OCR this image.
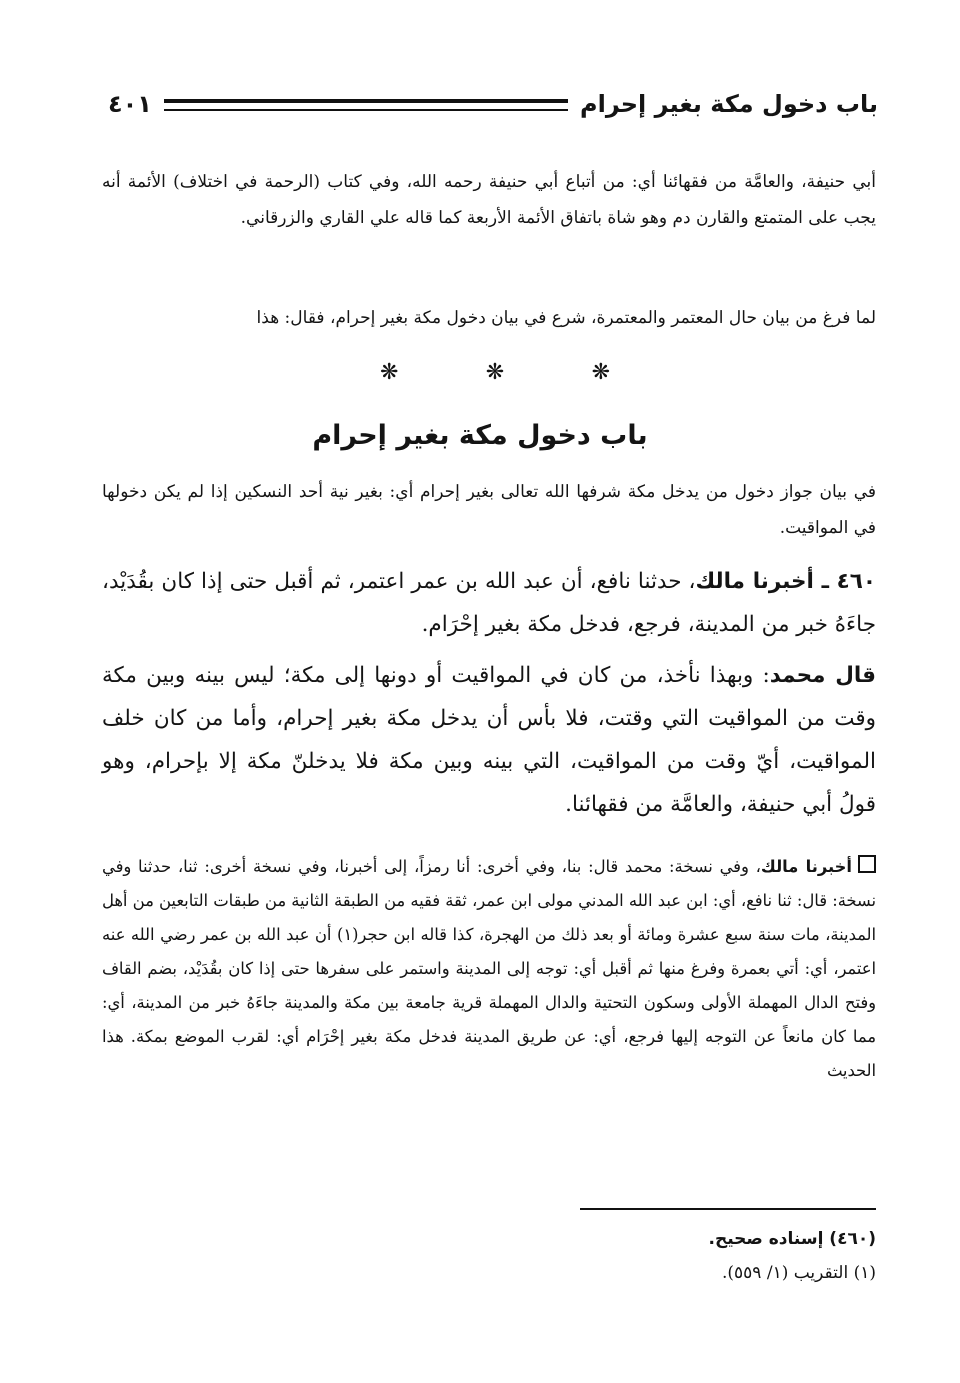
باب دخول مكة بغير إحرام
٤٠١
أبي حنيفة، والعامَّة من فقهائنا أي: من أتباع أبي حنيفة رحمه الله، وفي كتاب (الرحمة في اختلاف) الأئمة أنه يجب على المتمتع والقارن دم وهو شاة باتفاق الأئمة الأربعة كما قاله علي القاري والزرقاني.
لما فرغ من بيان حال المعتمر والمعتمرة، شرع في بيان دخول مكة بغير إحرام، فقال: هذا
❋
❋
❋
باب دخول مكة بغير إحرام
في بيان جواز دخول من يدخل مكة شرفها الله تعالى بغير إحرام أي: بغير نية أحد النسكين إذا لم يكن دخولها في المواقيت.
٤٦٠ ـ أخبرنا مالك، حدثنا نافع، أن عبد الله بن عمر اعتمر، ثم أقبل حتى إذا كان بقُدَيْد، جاءَهُ خبر من المدينة، فرجع، فدخل مكة بغير إحْرَام.
قال محمد: وبهذا نأخذ، من كان في المواقيت أو دونها إلى مكة؛ ليس بينه وبين مكة وقت من المواقيت التي وقتت، فلا بأس أن يدخل مكة بغير إحرام، وأما من كان خلف المواقيت، أيّ وقت من المواقيت، التي بينه وبين مكة فلا يدخلنّ مكة إلا بإحرام، وهو قولُ أبي حنيفة، والعامَّة من فقهائنا.
أخبرنا مالك، وفي نسخة: محمد قال: بنا، وفي أخرى: أنا رمزاً، إلى أخبرنا، وفي نسخة أخرى: ثنا، حدثنا وفي نسخة: قال: ثنا نافع، أي: ابن عبد الله المدني مولى ابن عمر، ثقة فقيه من الطبقة الثانية من طبقات التابعين من أهل المدينة، مات سنة سبع عشرة ومائة أو بعد ذلك من الهجرة، كذا قاله ابن حجر(١) أن عبد الله بن عمر رضي الله عنه اعتمر، أي: أتي بعمرة وفرغ منها ثم أقبل أي: توجه إلى المدينة واستمر على سفرها حتى إذا كان بقُدَيْد، بضم القاف وفتح الدال المهملة الأولى وسكون التحتية والدال المهملة قرية جامعة بين مكة والمدينة جاءَهُ خبر من المدينة، أي: مما كان مانعاً عن التوجه إليها فرجع، أي: عن طريق المدينة فدخل مكة بغير إحْرَام أي: لقرب الموضع بمكة. هذا الحديث
(٤٦٠) إسناده صحيح.
(١) التقريب (١/ ٥٥٩).
